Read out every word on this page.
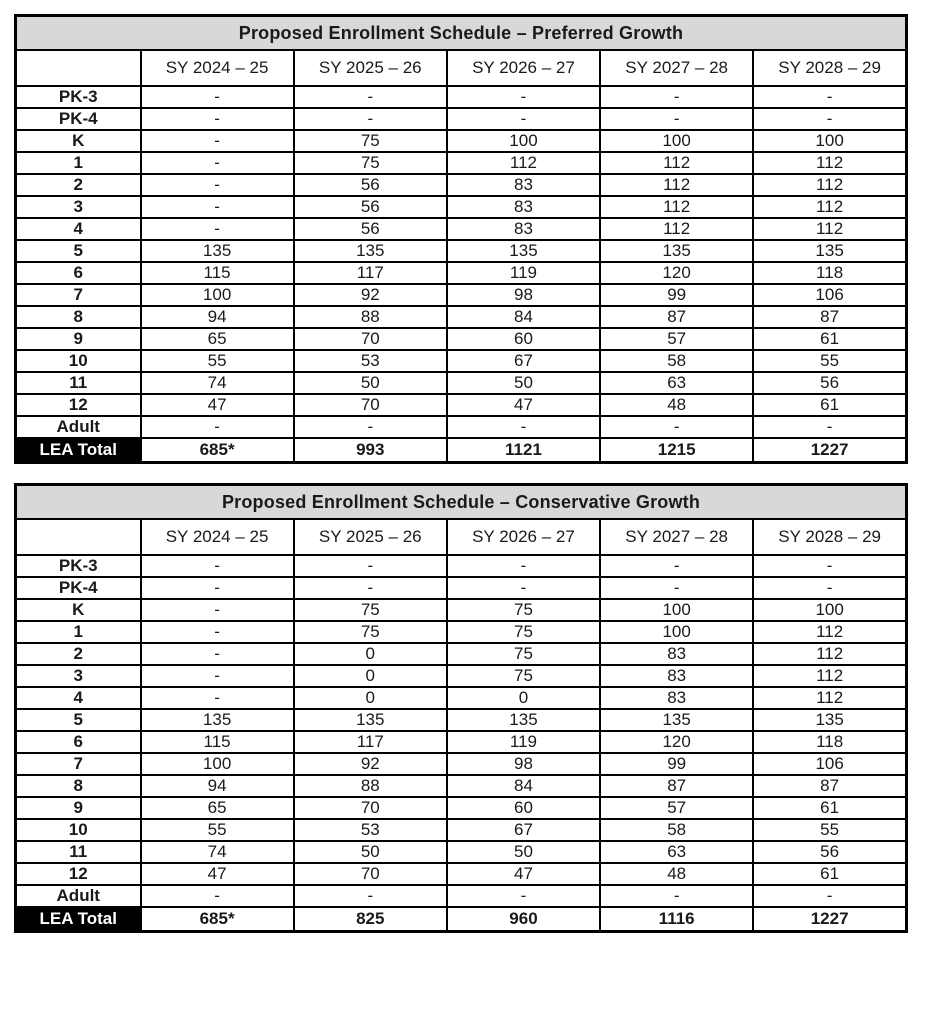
Proposed Enrollment Schedule – Preferred Growth					
	SY 2024 – 25	SY 2025 – 26	SY 2026 – 27	SY 2027 – 28	SY 2028 – 29
PK-3	-	-	-	-	-
PK-4	-	-	-	-	-
K	-	75	100	100	100
1	-	75	112	112	112
2	-	56	83	112	112
3	-	56	83	112	112
4	-	56	83	112	112
5	135	135	135	135	135
6	115	117	119	120	118
7	100	92	98	99	106
8	94	88	84	87	87
9	65	70	60	57	61
10	55	53	67	58	55
11	74	50	50	63	56
12	47	70	47	48	61
Adult	-	-	-	-	-
LEA Total	685*	993	1121	1215	1227
Proposed Enrollment Schedule – Conservative Growth					
	SY 2024 – 25	SY 2025 – 26	SY 2026 – 27	SY 2027 – 28	SY 2028 – 29
PK-3	-	-	-	-	-
PK-4	-	-	-	-	-
K	-	75	75	100	100
1	-	75	75	100	112
2	-	0	75	83	112
3	-	0	75	83	112
4	-	0	0	83	112
5	135	135	135	135	135
6	115	117	119	120	118
7	100	92	98	99	106
8	94	88	84	87	87
9	65	70	60	57	61
10	55	53	67	58	55
11	74	50	50	63	56
12	47	70	47	48	61
Adult	-	-	-	-	-
LEA Total	685*	825	960	1116	1227
